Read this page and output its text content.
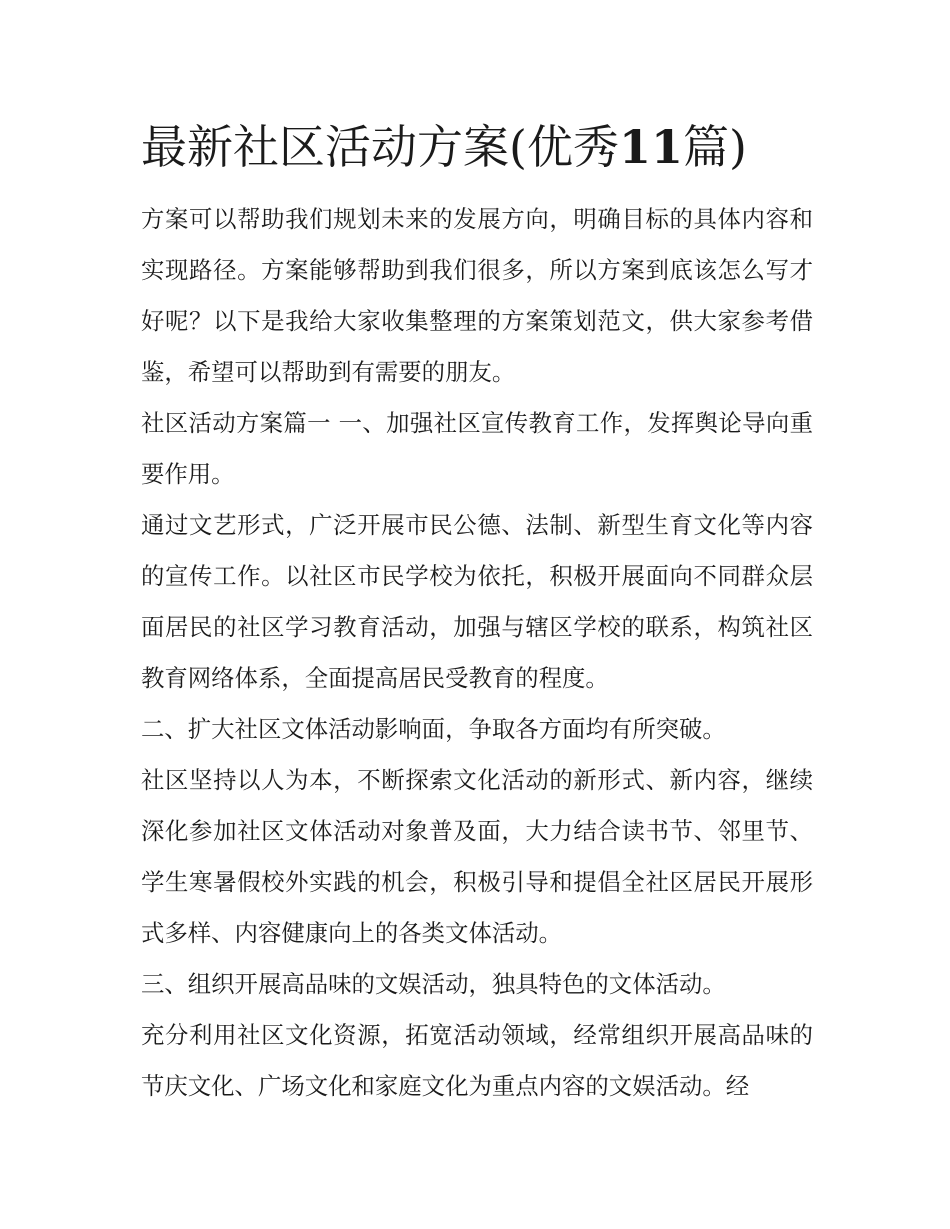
最新社区活动方案(优秀11篇)

方案可以帮助我们规划未来的发展方向，明确目标的具体内容和实现路径。方案能够帮助到我们很多，所以方案到底该怎么写才好呢？以下是我给大家收集整理的方案策划范文，供大家参考借鉴，希望可以帮助到有需要的朋友。

社区活动方案篇一 一、加强社区宣传教育工作，发挥舆论导向重要作用。

通过文艺形式，广泛开展市民公德、法制、新型生育文化等内容的宣传工作。以社区市民学校为依托，积极开展面向不同群众层面居民的社区学习教育活动，加强与辖区学校的联系，构筑社区教育网络体系，全面提高居民受教育的程度。

二、扩大社区文体活动影响面，争取各方面均有所突破。

社区坚持以人为本，不断探索文化活动的新形式、新内容，继续深化参加社区文体活动对象普及面，大力结合读书节、邻里节、学生寒暑假校外实践的机会，积极引导和提倡全社区居民开展形式多样、内容健康向上的各类文体活动。

三、组织开展高品味的文娱活动，独具特色的文体活动。

充分利用社区文化资源，拓宽活动领域，经常组织开展高品味的节庆文化、广场文化和家庭文化为重点内容的文娱活动。经
